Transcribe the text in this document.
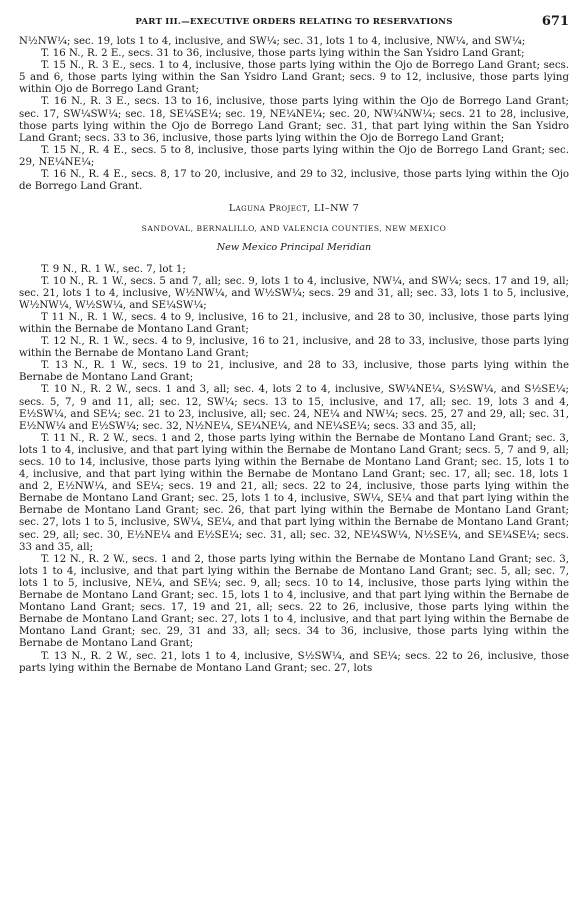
PART III.—EXECUTIVE ORDERS RELATING TO RESERVATIONS	671

N½NW¼; sec. 19, lots 1 to 4, inclusive, and SW¼; sec. 31, lots 1 to 4, inclusive, NW¼, and SW¼;

T. 16 N., R. 2 E., secs. 31 to 36, inclusive, those parts lying within the San Ysidro Land Grant;

T. 15 N., R. 3 E., secs. 1 to 4, inclusive, those parts lying within the Ojo de Borrego Land Grant; secs. 5 and 6, those parts lying within the San Ysidro Land Grant; secs. 9 to 12, inclusive, those parts lying within Ojo de Borrego Land Grant;

T. 16 N., R. 3 E., secs. 13 to 16, inclusive, those parts lying within the Ojo de Borrego Land Grant; sec. 17, SW¼SW¼; sec. 18, SE¼SE¼; sec. 19, NE¼NE¼; sec. 20, NW¼NW¼; secs. 21 to 28, inclusive, those parts lying within the Ojo de Borrego Land Grant; sec. 31, that part lying within the San Ysidro Land Grant; secs. 33 to 36, inclusive, those parts lying within the Ojo de Borrego Land Grant;

T. 15 N., R. 4 E., secs. 5 to 8, inclusive, those parts lying within the Ojo de Borrego Land Grant; sec. 29, NE¼NE¼;

T. 16 N., R. 4 E., secs. 8, 17 to 20, inclusive, and 29 to 32, inclusive, those parts lying within the Ojo de Borrego Land Grant.

Laguna Project, LI–NW 7
SANDOVAL, BERNALILLO, AND VALENCIA COUNTIES, NEW MEXICO
New Mexico Principal Meridian

T. 9 N., R. 1 W., sec. 7, lot 1;

T. 10 N., R. 1 W., secs. 5 and 7, all; sec. 9, lots 1 to 4, inclusive, NW¼, and SW¼; secs. 17 and 19, all; sec. 21, lots 1 to 4, inclusive, W½NW¼, and W½SW¼; secs. 29 and 31, all; sec. 33, lots 1 to 5, inclusive, W½NW¼, W½SW¼, and SE¼SW¼;

T 11 N., R. 1 W., secs. 4 to 9, inclusive, 16 to 21, inclusive, and 28 to 30, inclusive, those parts lying within the Bernabe de Montano Land Grant;

T. 12 N., R. 1 W., secs. 4 to 9, inclusive, 16 to 21, inclusive, and 28 to 33, inclusive, those parts lying within the Bernabe de Montano Land Grant;

T. 13 N., R. 1 W., secs. 19 to 21, inclusive, and 28 to 33, inclusive, those parts lying within the Bernabe de Montano Land Grant;

T. 10 N., R. 2 W., secs. 1 and 3, all; sec. 4, lots 2 to 4, inclusive, SW¼NE¼, S½SW¼, and S½SE¼; secs. 5, 7, 9 and 11, all; sec. 12, SW¼; secs. 13 to 15, inclusive, and 17, all; sec. 19, lots 3 and 4, E½SW¼, and SE¼; sec. 21 to 23, inclusive, all; sec. 24, NE¼ and NW¼; secs. 25, 27 and 29, all; sec. 31, E½NW¼ and E½SW¼; sec. 32, N½NE¼, SE¼NE¼, and NE¼SE¼; secs. 33 and 35, all;

T. 11 N., R. 2 W., secs. 1 and 2, those parts lying within the Bernabe de Montano Land Grant; sec. 3, lots 1 to 4, inclusive, and that part lying within the Bernabe de Montano Land Grant; secs. 5, 7 and 9, all; secs. 10 to 14, inclusive, those parts lying within the Bernabe de Montano Land Grant; sec. 15, lots 1 to 4, inclusive, and that part lying within the Bernabe de Montano Land Grant; sec. 17, all; sec. 18, lots 1 and 2, E½NW¼, and SE¼; secs. 19 and 21, all; secs. 22 to 24, inclusive, those parts lying within the Bernabe de Montano Land Grant; sec. 25, lots 1 to 4, inclusive, SW¼, SE¼ and that part lying within the Bernabe de Montano Land Grant; sec. 26, that part lying within the Bernabe de Montano Land Grant; sec. 27, lots 1 to 5, inclusive, SW¼, SE¼, and that part lying within the Bernabe de Montano Land Grant; sec. 29, all; sec. 30, E½NE¼ and E½SE¼; sec. 31, all; sec. 32, NE¼SW¼, N½SE¼, and SE¼SE¼; secs. 33 and 35, all;

T. 12 N., R. 2 W., secs. 1 and 2, those parts lying within the Bernabe de Montano Land Grant; sec. 3, lots 1 to 4, inclusive, and that part lying within the Bernabe de Montano Land Grant; sec. 5, all; sec. 7, lots 1 to 5, inclusive, NE¼, and SE¼; sec. 9, all; secs. 10 to 14, inclusive, those parts lying within the Bernabe de Montano Land Grant; sec. 15, lots 1 to 4, inclusive, and that part lying within the Bernabe de Montano Land Grant; secs. 17, 19 and 21, all; secs. 22 to 26, inclusive, those parts lying within the Bernabe de Montano Land Grant; sec. 27, lots 1 to 4, inclusive, and that part lying within the Bernabe de Montano Land Grant; sec. 29, 31 and 33, all; secs. 34 to 36, inclusive, those parts lying within the Bernabe de Montano Land Grant;

T. 13 N., R. 2 W., sec. 21, lots 1 to 4, inclusive, S½SW¼, and SE¼; secs. 22 to 26, inclusive, those parts lying within the Bernabe de Montano Land Grant; sec. 27, lots
